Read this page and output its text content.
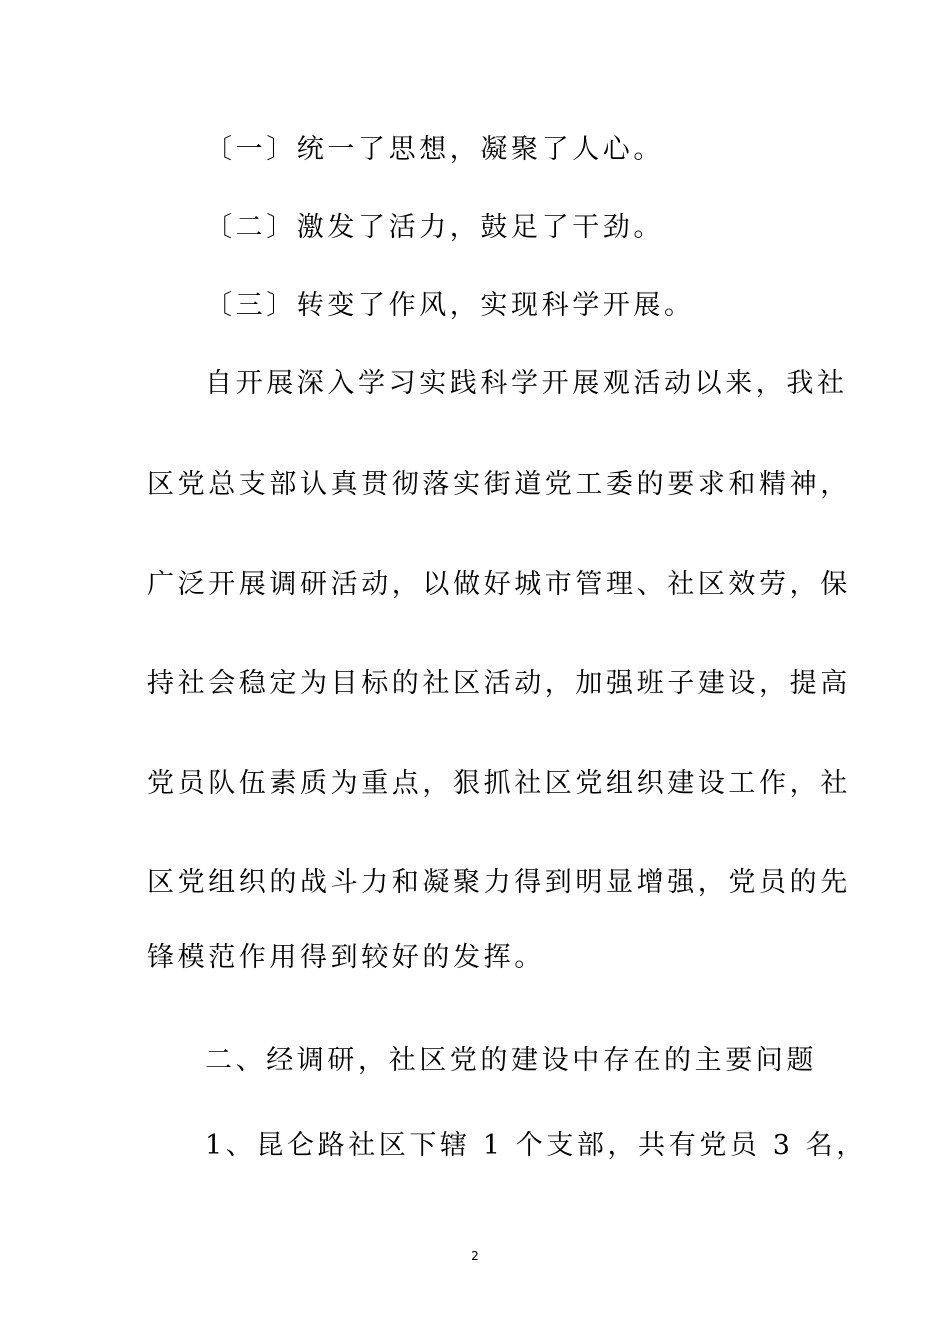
〔一〕统一了思想，凝聚了人心。
〔二〕激发了活力，鼓足了干劲。
〔三〕转变了作风，实现科学开展。
自开展深入学习实践科学开展观活动以来，我社
区党总支部认真贯彻落实街道党工委的要求和精神，
广泛开展调研活动，以做好城市管理、社区效劳，保
持社会稳定为目标的社区活动，加强班子建设，提高
党员队伍素质为重点，狠抓社区党组织建设工作，社
区党组织的战斗力和凝聚力得到明显增强，党员的先
锋模范作用得到较好的发挥。
二、经调研，社区党的建设中存在的主要问题
1、昆仑路社区下辖 1 个支部，共有党员 3 名，
2
